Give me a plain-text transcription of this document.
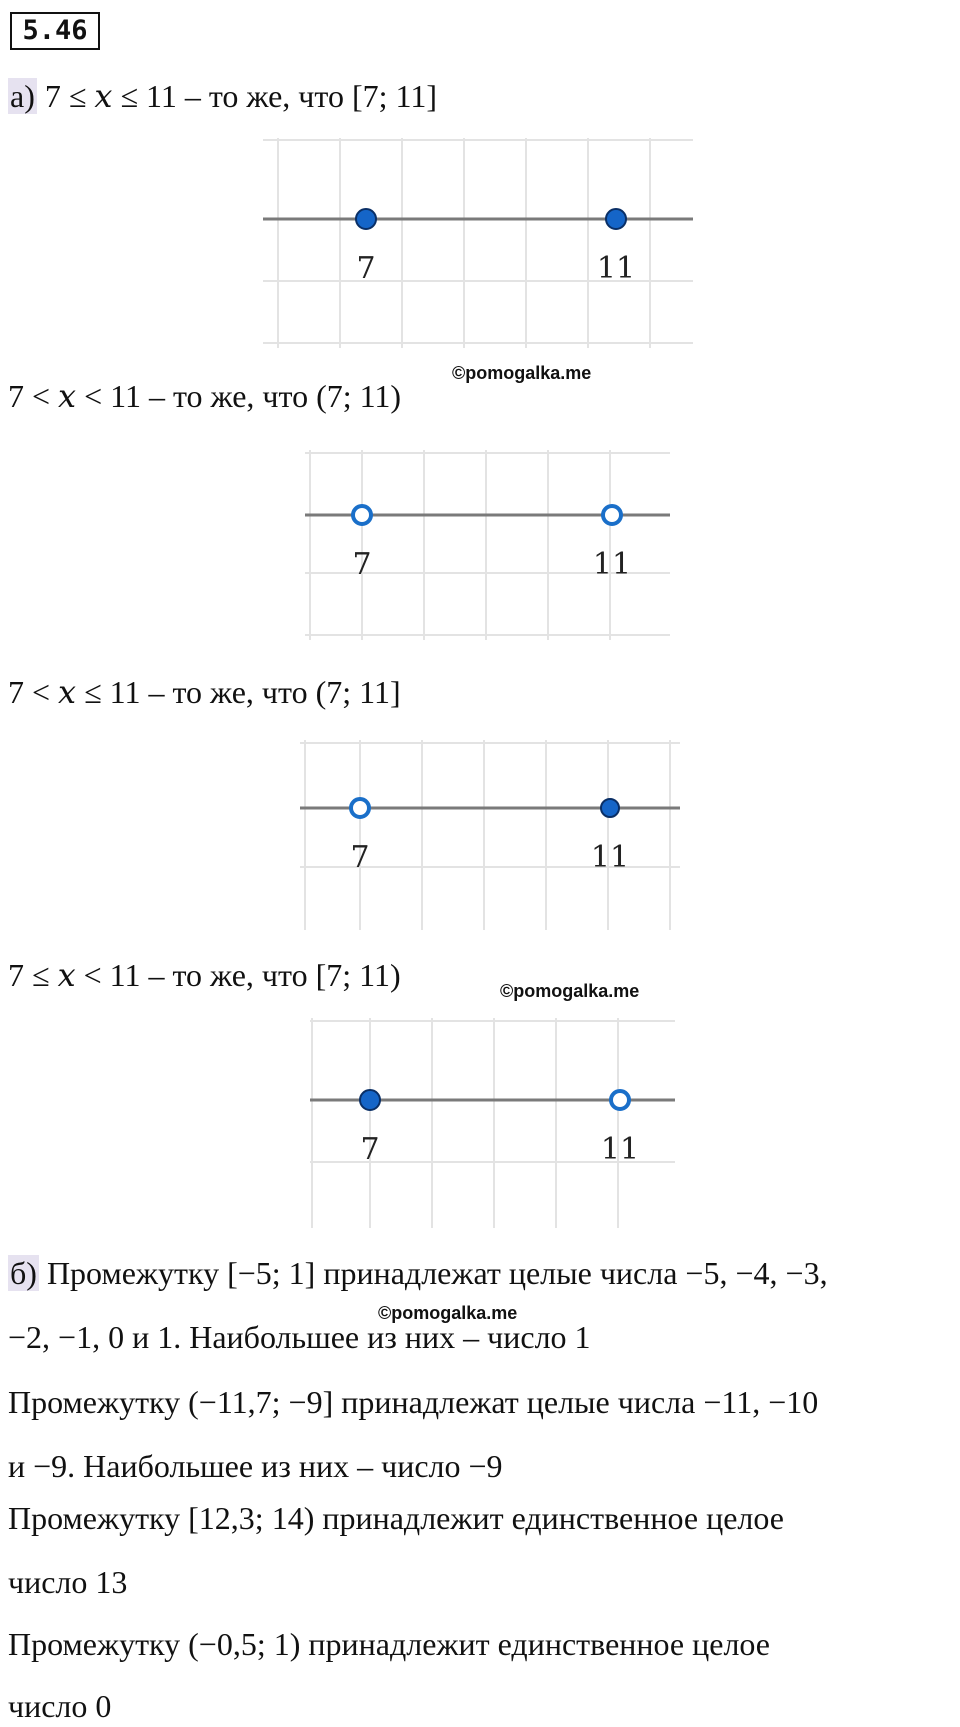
5.46
а) 7 ≤ 𝑥 ≤ 11 – то же, что [7; 11]
7	11
©pomogalka.me
7 < 𝑥 < 11 – то же, что (7; 11)
7	11
7 < 𝑥 ≤ 11 – то же, что (7; 11]
7	11
7 ≤ 𝑥 < 11 – то же, что [7; 11)	©pomogalka.me
7	11
б) Промежутку [−5; 1] принадлежат целые числа −5, −4, −3,
©pomogalka.me
−2, −1, 0 и 1. Наибольшее из них – число 1
Промежутку (−11,7; −9] принадлежат целые числа −11, −10
и −9. Наибольшее из них – число −9
Промежутку [12,3; 14) принадлежит единственное целое
число 13
Промежутку (−0,5; 1) принадлежит единственное целое
число 0
